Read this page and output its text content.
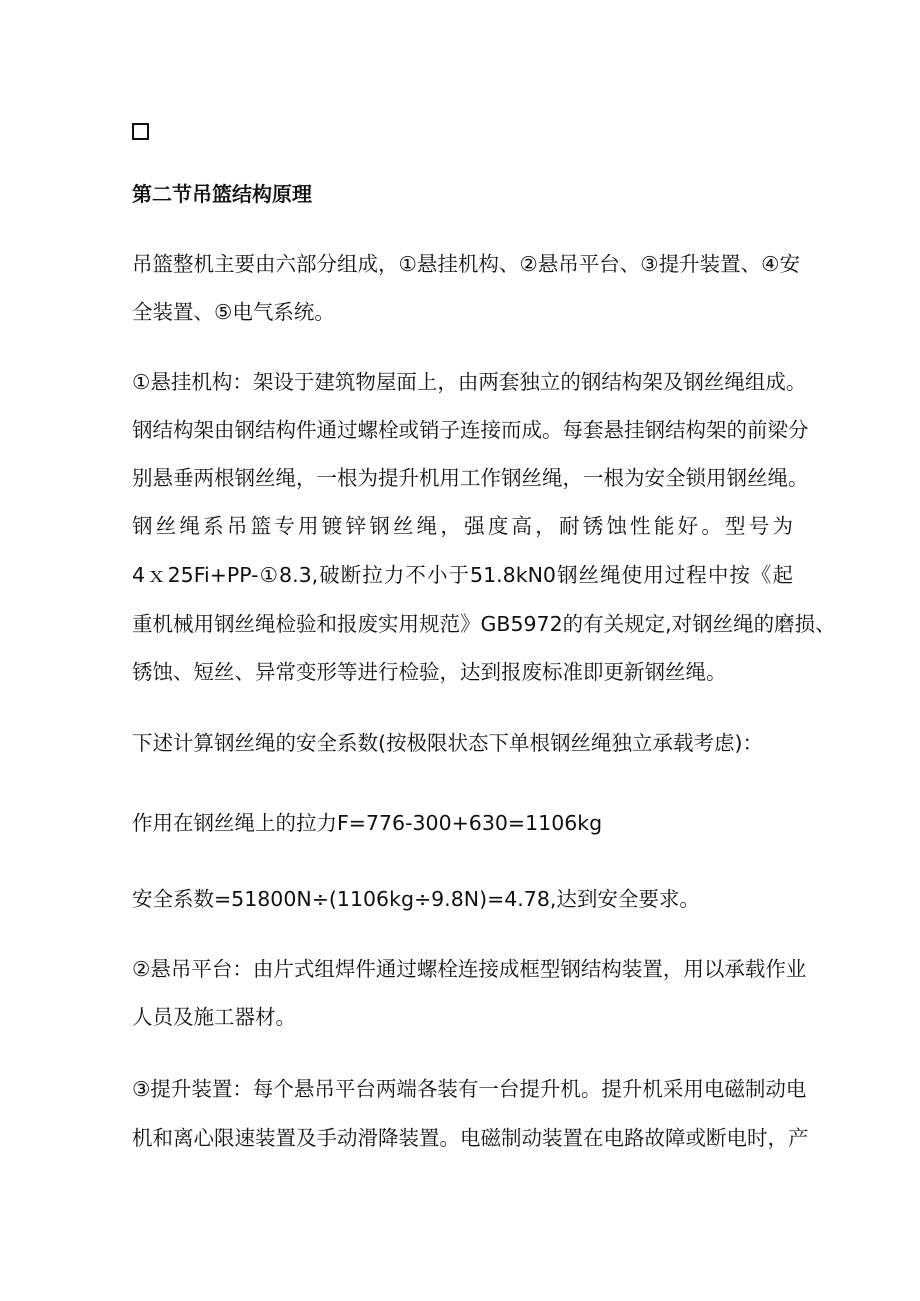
第二节吊篮结构原理
吊篮整机主要由六部分组成，①悬挂机构、②悬吊平台、③提升装置、④安
全装置、⑤电气系统。
①悬挂机构：架设于建筑物屋面上，由两套独立的钢结构架及钢丝绳组成。
钢结构架由钢结构件通过螺栓或销子连接而成。每套悬挂钢结构架的前梁分
别悬垂两根钢丝绳，一根为提升机用工作钢丝绳，一根为安全锁用钢丝绳。
钢丝绳系吊篮专用镀锌钢丝绳，强度高，耐锈蚀性能好。型号为
4ｘ25Fi+PP-①8.3,破断拉力不小于51.8kN0钢丝绳使用过程中按《起
重机械用钢丝绳检验和报废实用规范》GB5972的有关规定,对钢丝绳的磨损、
锈蚀、短丝、异常变形等进行检验，达到报废标准即更新钢丝绳。
下述计算钢丝绳的安全系数(按极限状态下单根钢丝绳独立承载考虑)：
作用在钢丝绳上的拉力F=776-300+630=1106kg
安全系数=51800N÷(1106kg÷9.8N)=4.78,达到安全要求。
②悬吊平台：由片式组焊件通过螺栓连接成框型钢结构装置，用以承载作业
人员及施工器材。
③提升装置：每个悬吊平台两端各装有一台提升机。提升机采用电磁制动电
机和离心限速装置及手动滑降装置。电磁制动装置在电路故障或断电时，产
